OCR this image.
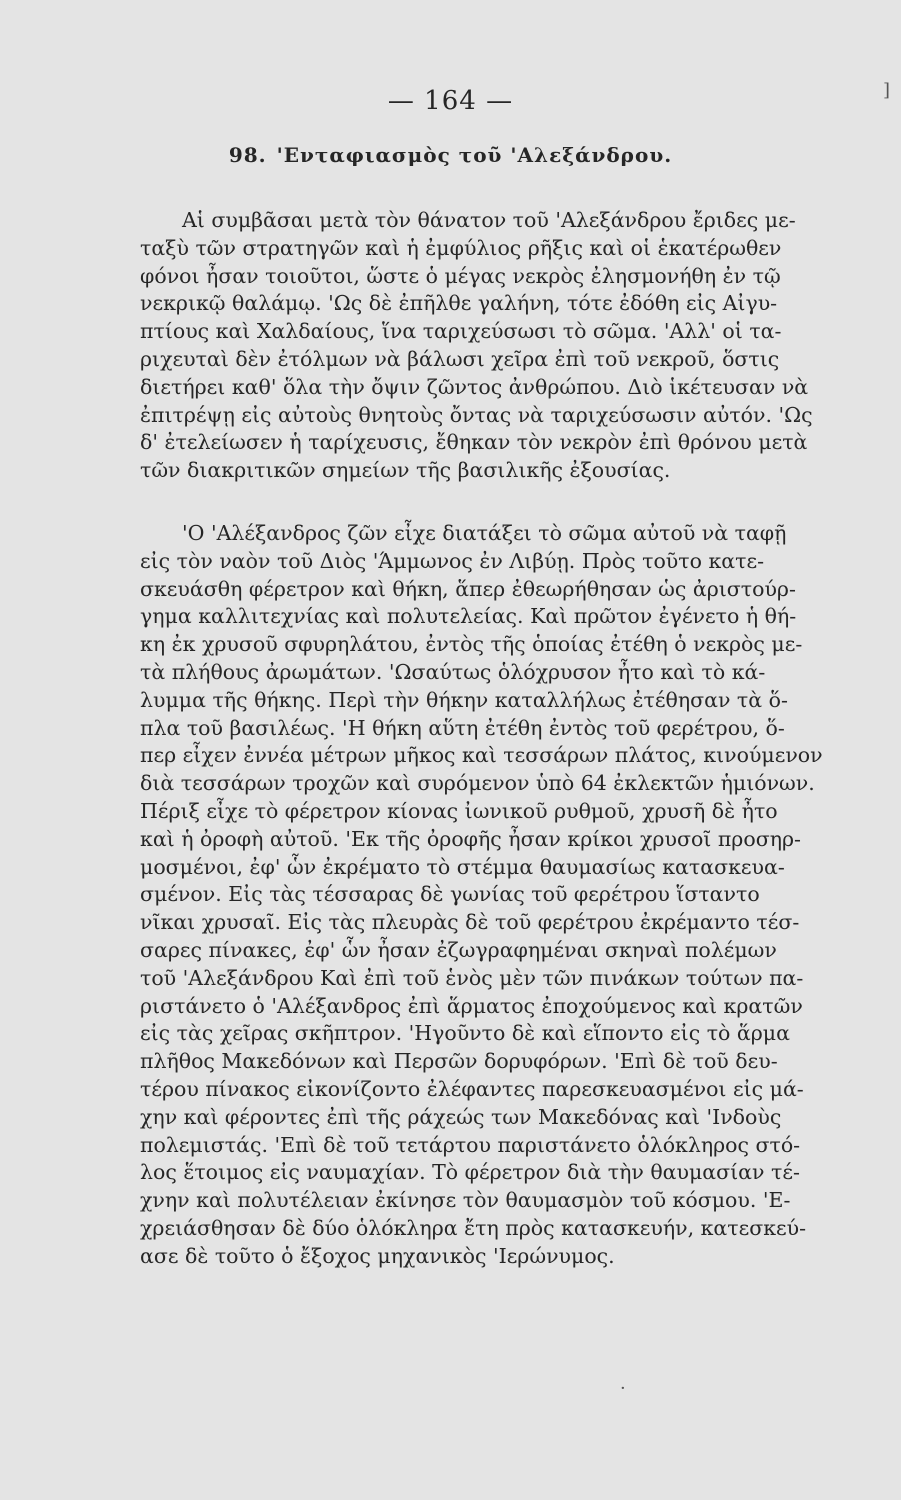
— 164 —
98. 'Ενταφιασμὸς τοῦ 'Αλεξάνδρου.
Αἱ συμβᾶσαι μετὰ τὸν θάνατον τοῦ 'Αλεξάνδρου ἔριδες με-
ταξὺ τῶν στρατηγῶν καὶ ἡ ἐμφύλιος ρῆξις καὶ οἱ ἑκατέρωθεν
φόνοι ἦσαν τοιοῦτοι, ὥστε ὁ μέγας νεκρὸς ἐλησμονήθη ἐν τῷ
νεκρικῷ θαλάμῳ. 'Ως δὲ ἐπῆλθε γαλήνη, τότε ἐδόθη εἰς Αἰγυ-
πτίους καὶ Χαλδαίους, ἵνα ταριχεύσωσι τὸ σῶμα. 'Αλλ' οἱ τα-
ριχευταὶ δὲν ἐτόλμων νὰ βάλωσι χεῖρα ἐπὶ τοῦ νεκροῦ, ὅστις
διετήρει καθ' ὅλα τὴν ὄψιν ζῶντος ἀνθρώπου. Διὸ ἱκέτευσαν νὰ
ἐπιτρέψῃ εἰς αὐτοὺς θνητοὺς ὄντας νὰ ταριχεύσωσιν αὐτόν. 'Ως
δ' ἐτελείωσεν ἡ ταρίχευσις, ἔθηκαν τὸν νεκρὸν ἐπὶ θρόνου μετὰ
τῶν διακριτικῶν σημείων τῆς βασιλικῆς ἐξουσίας.
'Ο 'Αλέξανδρος ζῶν εἶχε διατάξει τὸ σῶμα αὐτοῦ νὰ ταφῇ
εἰς τὸν ναὸν τοῦ Διὸς 'Άμμωνος ἐν Λιβύῃ. Πρὸς τοῦτο κατε-
σκευάσθη φέρετρον καὶ θήκη, ἅπερ ἐθεωρήθησαν ὡς ἀριστούρ-
γημα καλλιτεχνίας καὶ πολυτελείας. Καὶ πρῶτον ἐγένετο ἡ θή-
κη ἐκ χρυσοῦ σφυρηλάτου, ἐντὸς τῆς ὁποίας ἐτέθη ὁ νεκρὸς με-
τὰ πλήθους ἀρωμάτων. 'Ωσαύτως ὁλόχρυσον ἦτο καὶ τὸ κά-
λυμμα τῆς θήκης. Περὶ τὴν θήκην καταλλήλως ἐτέθησαν τὰ ὅ-
πλα τοῦ βασιλέως. 'Η θήκη αὕτη ἐτέθη ἐντὸς τοῦ φερέτρου, ὅ-
περ εἶχεν ἐννέα μέτρων μῆκος καὶ τεσσάρων πλάτος, κινούμενον
διὰ τεσσάρων τροχῶν καὶ συρόμενον ὑπὸ 64 ἐκλεκτῶν ἡμιόνων.
Πέριξ εἶχε τὸ φέρετρον κίονας ἰωνικοῦ ρυθμοῦ, χρυσῆ δὲ ἦτο
καὶ ἡ ὀροφὴ αὐτοῦ. 'Εκ τῆς ὀροφῆς ἦσαν κρίκοι χρυσοῖ προσηρ-
μοσμένοι, ἐφ' ὧν ἐκρέματο τὸ στέμμα θαυμασίως κατασκευα-
σμένον. Εἰς τὰς τέσσαρας δὲ γωνίας τοῦ φερέτρου ἵσταντο
νῖκαι χρυσαῖ. Εἰς τὰς πλευρὰς δὲ τοῦ φερέτρου ἐκρέμαντο τέσ-
σαρες πίνακες, ἐφ' ὧν ἦσαν ἐζωγραφημέναι σκηναὶ πολέμων
τοῦ 'Αλεξάνδρου Καὶ ἐπὶ τοῦ ἑνὸς μὲν τῶν πινάκων τούτων πα-
ριστάνετο ὁ 'Αλέξανδρος ἐπὶ ἅρματος ἐποχούμενος καὶ κρατῶν
εἰς τὰς χεῖρας σκῆπτρον. 'Ηγοῦντο δὲ καὶ εἵποντο εἰς τὸ ἅρμα
πλῆθος Μακεδόνων καὶ Περσῶν δορυφόρων. 'Επὶ δὲ τοῦ δευ-
τέρου πίνακος εἰκονίζοντο ἐλέφαντες παρεσκευασμένοι εἰς μά-
χην καὶ φέροντες ἐπὶ τῆς ράχεώς των Μακεδόνας καὶ 'Ινδοὺς
πολεμιστάς. 'Επὶ δὲ τοῦ τετάρτου παριστάνετο ὁλόκληρος στό-
λος ἕτοιμος εἰς ναυμαχίαν. Τὸ φέρετρον διὰ τὴν θαυμασίαν τέ-
χνην καὶ πολυτέλειαν ἐκίνησε τὸν θαυμασμὸν τοῦ κόσμου. 'Ε-
χρειάσθησαν δὲ δύο ὁλόκληρα ἔτη πρὸς κατασκευήν, κατεσκεύ-
ασε δὲ τοῦτο ὁ ἔξοχος μηχανικὸς 'Ιερώνυμος.
]
·
